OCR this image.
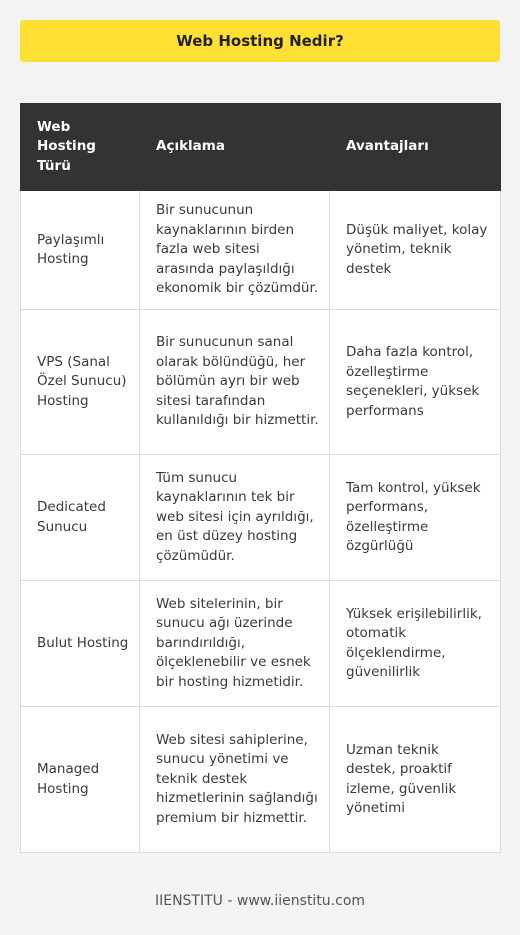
Web Hosting Nedir?
Web Hosting Türü	Açıklama	Avantajları
Paylaşımlı Hosting	Bir sunucunun kaynaklarının birden fazla web sitesi arasında paylaşıldığı ekonomik bir çözümdür.	Düşük maliyet, kolay yönetim, teknik destek
VPS (Sanal Özel Sunucu) Hosting	Bir sunucunun sanal olarak bölündüğü, her bölümün ayrı bir web sitesi tarafından kullanıldığı bir hizmettir.	Daha fazla kontrol, özelleştirme seçenekleri, yüksek performans
Dedicated Sunucu	Tüm sunucu kaynaklarının tek bir web sitesi için ayrıldığı, en üst düzey hosting çözümüdür.	Tam kontrol, yüksek performans, özelleştirme özgürlüğü
Bulut Hosting	Web sitelerinin, bir sunucu ağı üzerinde barındırıldığı, ölçeklenebilir ve esnek bir hosting hizmetidir.	Yüksek erişilebilirlik, otomatik ölçeklendirme, güvenilirlik
Managed Hosting	Web sitesi sahiplerine, sunucu yönetimi ve teknik destek hizmetlerinin sağlandığı premium bir hizmettir.	Uzman teknik destek, proaktif izleme, güvenlik yönetimi
IIENSTITU - www.iienstitu.com
